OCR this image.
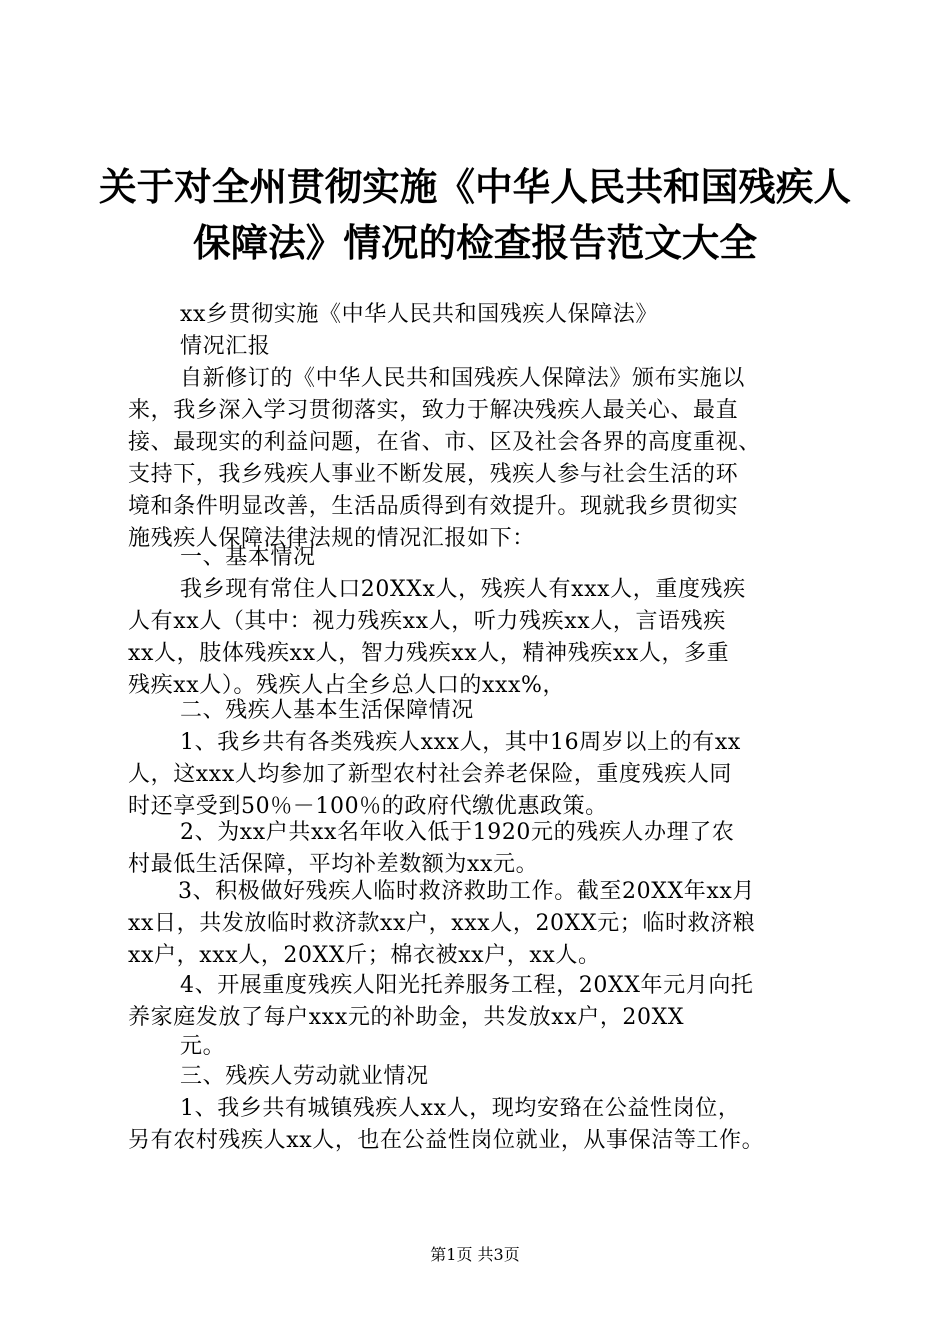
关于对全州贯彻实施《中华人民共和国残疾人
保障法》情况的检查报告范文大全
xx乡贯彻实施《中华人民共和国残疾人保障法》
情况汇报
自新修订的《中华人民共和国残疾人保障法》颁布实施以
来，我乡深入学习贯彻落实，致力于解决残疾人最关心、最直
接、最现实的利益问题，在省、市、区及社会各界的高度重视、
支持下，我乡残疾人事业不断发展，残疾人参与社会生活的环
境和条件明显改善，生活品质得到有效提升。现就我乡贯彻实
施残疾人保障法律法规的情况汇报如下：
一、基本情况
我乡现有常住人口20XXx人，残疾人有xxx人，重度残疾
人有xx人（其中：视力残疾xx人，听力残疾xx人，言语残疾
xx人，肢体残疾xx人，智力残疾xx人，精神残疾xx人，多重
残疾xx人）。残疾人占全乡总人口的xxx%，
二、残疾人基本生活保障情况
1、我乡共有各类残疾人xxx人，其中16周岁以上的有xx
人，这xxx人均参加了新型农村社会养老保险，重度残疾人同
时还享受到50％－100％的政府代缴优惠政策。
2、为xx户共xx名年收入低于1920元的残疾人办理了农
村最低生活保障，平均补差数额为xx元。
3、积极做好残疾人临时救济救助工作。截至20XX年xx月
xx日，共发放临时救济款xx户，xxx人，20XX元；临时救济粮
xx户，xxx人，20XX斤；棉衣被xx户，xx人。
4、开展重度残疾人阳光托养服务工程，20XX年元月向托
养家庭发放了每户xxx元的补助金，共发放xx户，20XX
元。
三、残疾人劳动就业情况
1、我乡共有城镇残疾人xx人，现均安臵在公益性岗位，
另有农村残疾人xx人，也在公益性岗位就业，从事保洁等工作。
第1页 共3页
